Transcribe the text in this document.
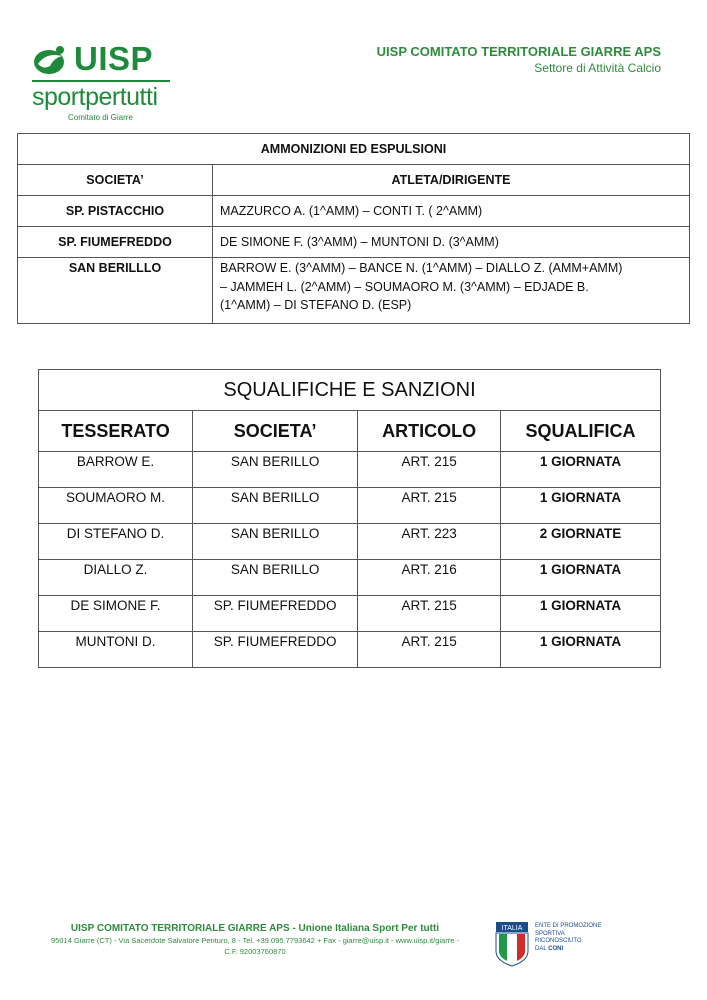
UISP
sportpertutti
Comitato di Giarre
UISP COMITATO TERRITORIALE GIARRE APS
Settore di Attività Calcio
AMMONIZIONI ED ESPULSIONI	
SOCIETA’	ATLETA/DIRIGENTE
SP. PISTACCHIO	MAZZURCO A. (1^AMM) – CONTI T. ( 2^AMM)
SP. FIUMEFREDDO	DE SIMONE F. (3^AMM) – MUNTONI D. (3^AMM)
SAN BERILLLO	BARROW E. (3^AMM) – BANCE N. (1^AMM) – DIALLO Z. (AMM+AMM)
– JAMMEH L. (2^AMM) – SOUMAORO M. (3^AMM) – EDJADE B.
(1^AMM) – DI STEFANO D. (ESP)
SQUALIFICHE E SANZIONI			
TESSERATO	SOCIETA’	ARTICOLO	SQUALIFICA
BARROW E.	SAN BERILLO	ART. 215	1 GIORNATA
SOUMAORO M.	SAN BERILLO	ART. 215	1 GIORNATA
DI STEFANO D.	SAN BERILLO	ART. 223	2 GIORNATE
DIALLO Z.	SAN BERILLO	ART. 216	1 GIORNATA
DE SIMONE F.	SP. FIUMEFREDDO	ART. 215	1 GIORNATA
MUNTONI D.	SP. FIUMEFREDDO	ART. 215	1 GIORNATA
UISP COMITATO TERRITORIALE GIARRE APS - Unione Italiana Sport Per tutti
95014 Giarre (CT) - Via Sacerdote Salvatore Penturo, 8 - Tel. +39.095.7793642 + Fax - giarre@uisp.it - www.uisp.it/giarre -
C.F. 92003760870
ITALIA ENTE DI PROMOZIONE
SPORTIVA
RICONOSCIUTO
DAL CONI
